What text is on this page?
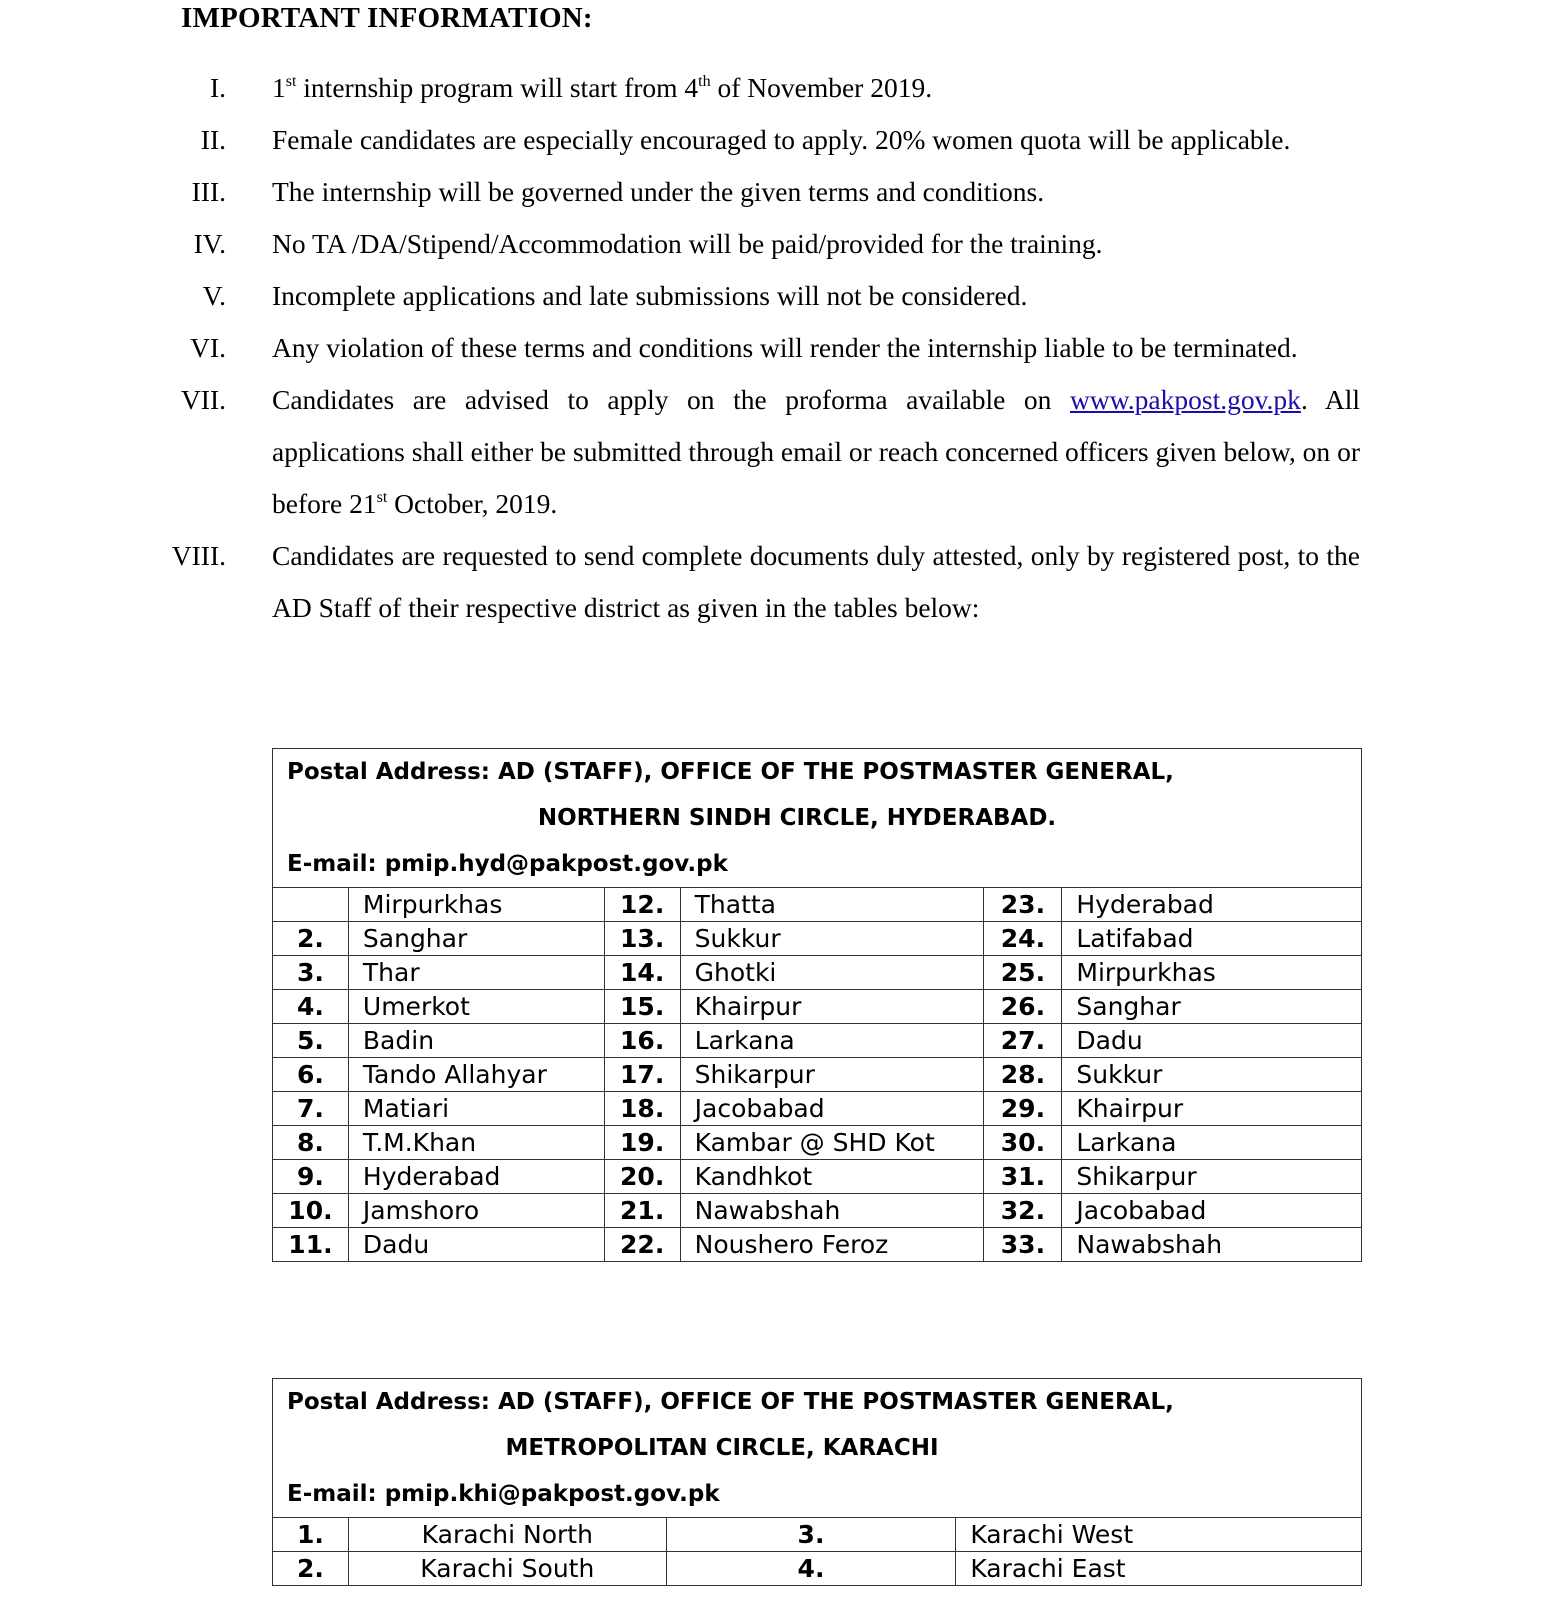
IMPORTANT INFORMATION:
I. 1st internship program will start from 4th of November 2019.
II. Female candidates are especially encouraged to apply. 20% women quota will be applicable.
III. The internship will be governed under the given terms and conditions.
IV. No TA /DA/Stipend/Accommodation will be paid/provided for the training.
V. Incomplete applications and late submissions will not be considered.
VI. Any violation of these terms and conditions will render the internship liable to be terminated.
VII. Candidates are advised to apply on the proforma available on www.pakpost.gov.pk. All applications shall either be submitted through email or reach concerned officers given below, on or before 21st October, 2019.
VIII. Candidates are requested to send complete documents duly attested, only by registered post, to the AD Staff of their respective district as given in the tables below:
Postal Address: AD (STAFF), OFFICE OF THE POSTMASTER GENERAL,
NORTHERN SINDH CIRCLE, HYDERABAD.
E-mail: pmip.hyd@pakpost.gov.pk					

	Mirpurkhas	12.	Thatta	23.	Hyderabad
2.	Sanghar	13.	Sukkur	24.	Latifabad
3.	Thar	14.	Ghotki	25.	Mirpurkhas
4.	Umerkot	15.	Khairpur	26.	Sanghar
5.	Badin	16.	Larkana	27.	Dadu
6.	Tando Allahyar	17.	Shikarpur	28.	Sukkur
7.	Matiari	18.	Jacobabad	29.	Khairpur
8.	T.M.Khan	19.	Kambar @ SHD Kot	30.	Larkana
9.	Hyderabad	20.	Kandhkot	31.	Shikarpur
10.	Jamshoro	21.	Nawabshah	32.	Jacobabad
11.	Dadu	22.	Noushero Feroz	33.	Nawabshah
Postal Address: AD (STAFF), OFFICE OF THE POSTMASTER GENERAL,
METROPOLITAN CIRCLE, KARACHI
E-mail: pmip.khi@pakpost.gov.pk			

1.	Karachi North	3.	Karachi West
2.	Karachi South	4.	Karachi East
